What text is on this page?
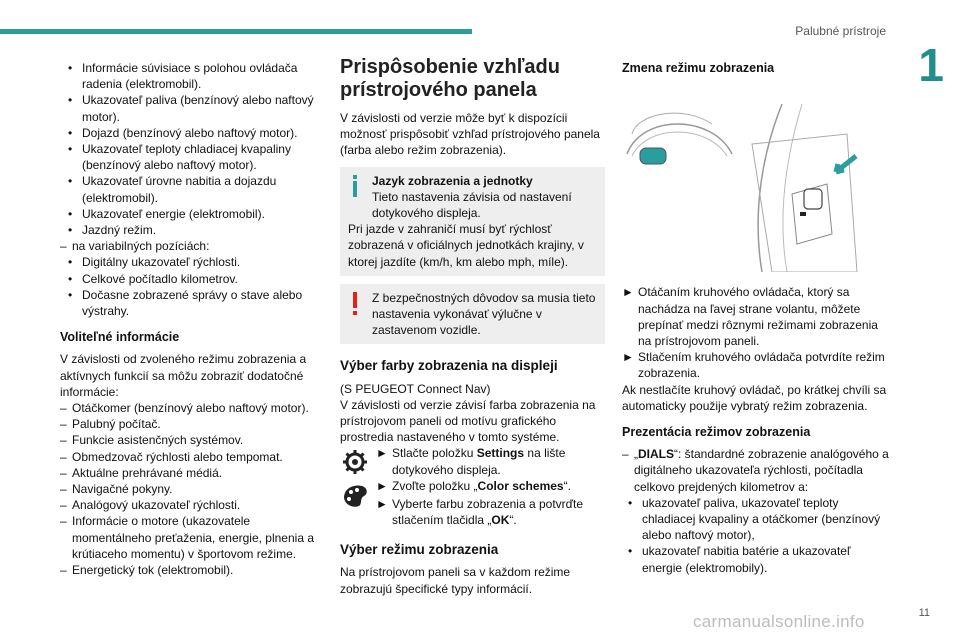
Palubné prístroje
1
11
carmanualsonline.info
• Informácie súvisiace s polohou ovládača radenia (elektromobil).
• Ukazovateľ paliva (benzínový alebo naftový motor).
• Dojazd (benzínový alebo naftový motor).
• Ukazovateľ teploty chladiacej kvapaliny (benzínový alebo naftový motor).
• Ukazovateľ úrovne nabitia a dojazdu (elektromobil).
• Ukazovateľ energie (elektromobil).
• Jazdný režim.
– na variabilných pozíciách:
• Digitálny ukazovateľ rýchlosti.
• Celkové počítadlo kilometrov.
• Dočasne zobrazené správy o stave alebo výstrahy.
Voliteľné informácie

V závislosti od zvoleného režimu zobrazenia a aktívnych funkcií sa môžu zobraziť dodatočné informácie:

– Otáčkomer (benzínový alebo naftový motor).
– Palubný počítač.
– Funkcie asistenčných systémov.
– Obmedzovač rýchlosti alebo tempomat.
– Aktuálne prehrávané médiá.
– Navigačné pokyny.
– Analógový ukazovateľ rýchlosti.
– Informácie o motore (ukazovatele momentálneho preťaženia, energie, plnenia a krútiaceho momentu) v športovom režime.
– Energetický tok (elektromobil).
Prispôsobenie vzhľadu prístrojového panela

V závislosti od verzie môže byť k dispozícii možnosť prispôsobiť vzhľad prístrojového panela (farba alebo režim zobrazenia).

Jazyk zobrazenia a jednotky
Tieto nastavenia závisia od nastavení dotykového displeja.
Pri jazde v zahraničí musí byť rýchlosť zobrazená v oficiálnych jednotkách krajiny, v ktorej jazdíte (km/h, km alebo mph, míle).
Z bezpečnostných dôvodov sa musia tieto nastavenia vykonávať výlučne v zastavenom vozidle.
Výber farby zobrazenia na displeji

(S PEUGEOT Connect Nav)

V závislosti od verzie závisí farba zobrazenia na prístrojovom paneli od motívu grafického prostredia nastaveného v tomto systéme.

► Stlačte položku Settings na lište dotykového displeja.
► Zvoľte položku „Color schemes“.
► Vyberte farbu zobrazenia a potvrďte stlačením tlačidla „OK“.
Výber režimu zobrazenia

Na prístrojovom paneli sa v každom režime zobrazujú špecifické typy informácií.

Zmena režimu zobrazenia
► Otáčaním kruhového ovládača, ktorý sa nachádza na ľavej strane volantu, môžete prepínať medzi rôznymi režimami zobrazenia na prístrojovom paneli.
► Stlačením kruhového ovládača potvrdíte režim zobrazenia.

Ak nestlačíte kruhový ovládač, po krátkej chvíli sa automaticky použije vybratý režim zobrazenia.

Prezentácia režimov zobrazenia
– „DIALS“: štandardné zobrazenie analógového a digitálneho ukazovateľa rýchlosti, počítadla celkovo prejdených kilometrov a:
• ukazovateľ paliva, ukazovateľ teploty chladiacej kvapaliny a otáčkomer (benzínový alebo naftový motor),
• ukazovateľ nabitia batérie a ukazovateľ energie (elektromobily).
